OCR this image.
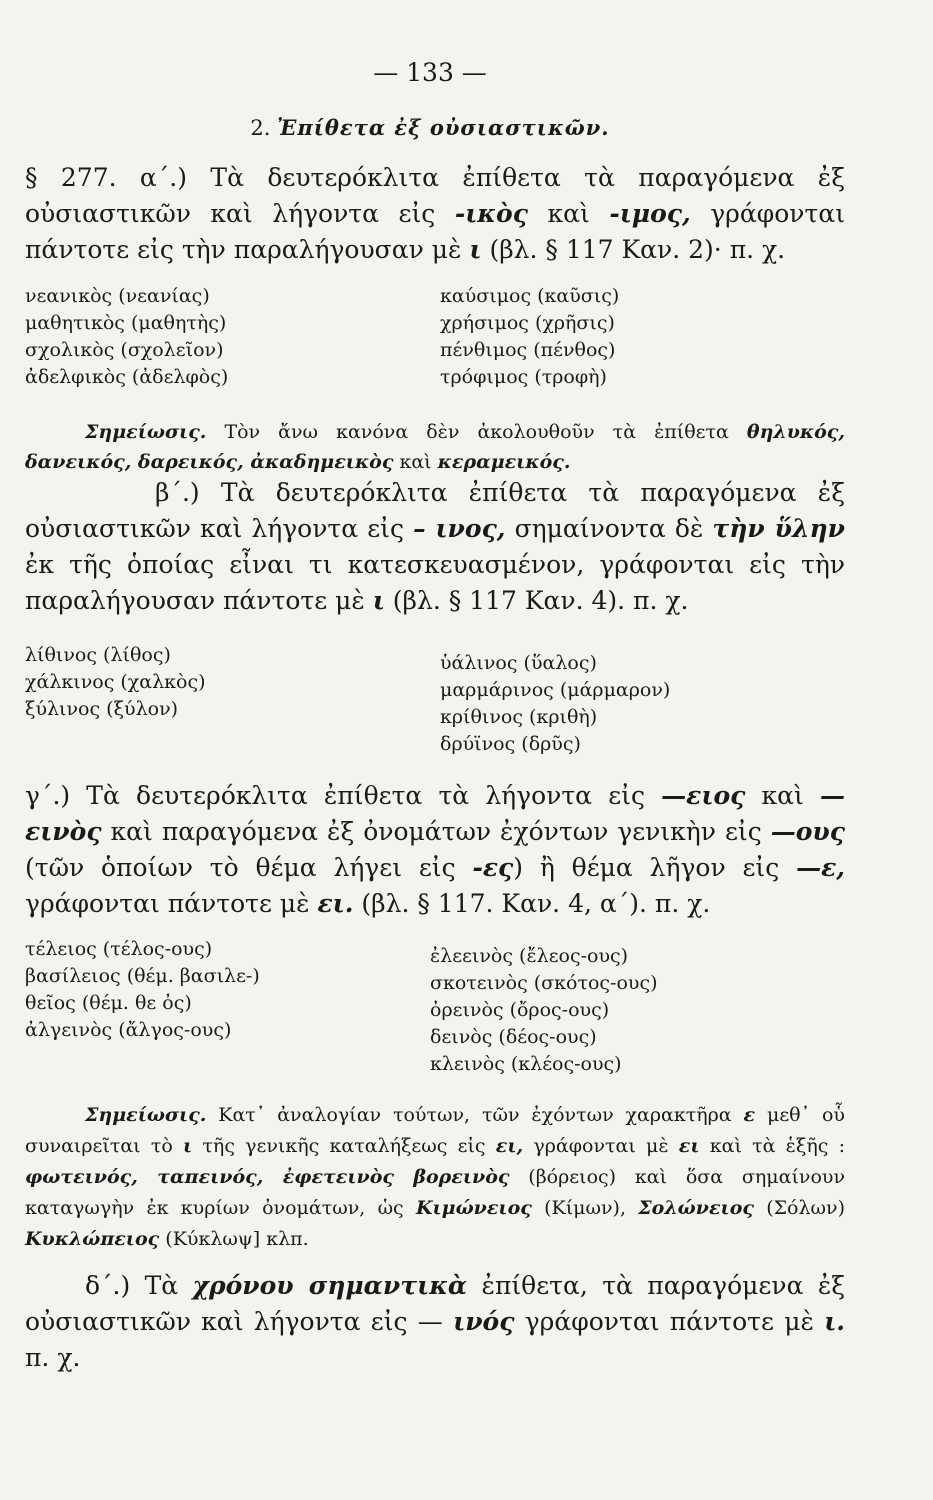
— 133 —
2. Ἐπίθετα ἐξ οὐσιαστικῶν.

§ 277. α΄.) Τὰ δευτερόκλιτα ἐπίθετα τὰ παραγόμενα ἐξ οὐσιαστικῶν καὶ λήγοντα εἰς -ικὸς καὶ -ιμος, γράφονται πάντοτε εἰς τὴν παραλήγουσαν μὲ ι (βλ. § 117 Καν. 2)· π. χ.

νεανικὸς (νεανίας)
μαθητικὸς (μαθητὴς)
σχολικὸς (σχολεῖον)
ἀδελφικὸς (ἀδελφὸς)
καύσιμος (καῦσις)
χρήσιμος (χρῆσις)
πένθιμος (πένθος)
τρόφιμος (τροφὴ)

Σημείωσις. Τὸν ἄνω κανόνα δὲν ἀκολουθοῦν τὰ ἐπίθετα θηλυκός, δανεικός, δαρεικός, ἀκαδημεικὸς καὶ κεραμεικός.

β΄.) Τὰ δευτερόκλιτα ἐπίθετα τὰ παραγόμενα ἐξ οὐσιαστικῶν καὶ λήγοντα εἰς – ινος, σημαίνοντα δὲ τὴν ὕλην ἐκ τῆς ὁποίας εἶναι τι κατεσκευασμένον, γράφονται εἰς τὴν παραλήγουσαν πάντοτε μὲ ι (βλ. § 117 Καν. 4). π. χ.

λίθινος (λίθος)
χάλκινος (χαλκὸς)
ξύλινος (ξύλον)
ὑάλινος (ὕαλος)
μαρμάρινος (μάρμαρον)
κρίθινος (κριθὴ)
δρύϊνος (δρῦς)

γ΄.) Τὰ δευτερόκλιτα ἐπίθετα τὰ λήγοντα εἰς —ειος καὶ —εινὸς καὶ παραγόμενα ἐξ ὀνομάτων ἐχόντων γενικὴν εἰς —ους (τῶν ὁποίων τὸ θέμα λήγει εἰς -ες) ἢ θέμα λῆγον εἰς —ε, γράφονται πάντοτε μὲ ει. (βλ. § 117. Καν. 4, α΄). π. χ.

τέλειος (τέλος-ους)
βασίλειος (θέμ. βασιλε-)
θεῖος (θέμ. θε ὀς)
ἀλγεινὸς (ἄλγος-ους)
ἐλεεινὸς (ἔλεος-ους)
σκοτεινὸς (σκότος-ους)
ὀρεινὸς (ὄρος-ους)
δεινὸς (δέος-ους)
κλεινὸς (κλέος-ους)

Σημείωσις. Κατ᾽ ἀναλογίαν τούτων, τῶν ἐχόντων χαρακτῆρα ε μεθ᾽ οὗ συναιρεῖται τὸ ι τῆς γενικῆς καταλήξεως εἰς ει, γράφονται μὲ ει καὶ τὰ ἑξῆς : φωτεινός, ταπεινός, ἐφετεινὸς βορεινὸς (βόρειος) καὶ ὅσα σημαίνουν καταγωγὴν ἐκ κυρίων ὀνομάτων, ὡς Κιμώνειος (Κίμων), Σολώνειος (Σόλων) Κυκλώπειος (Κύκλωψ] κλπ.

δ΄.) Τὰ χρόνου σημαντικὰ ἐπίθετα, τὰ παραγόμενα ἐξ οὐσιαστικῶν καὶ λήγοντα εἰς — ινός γράφονται πάντοτε μὲ ι. π. χ.
